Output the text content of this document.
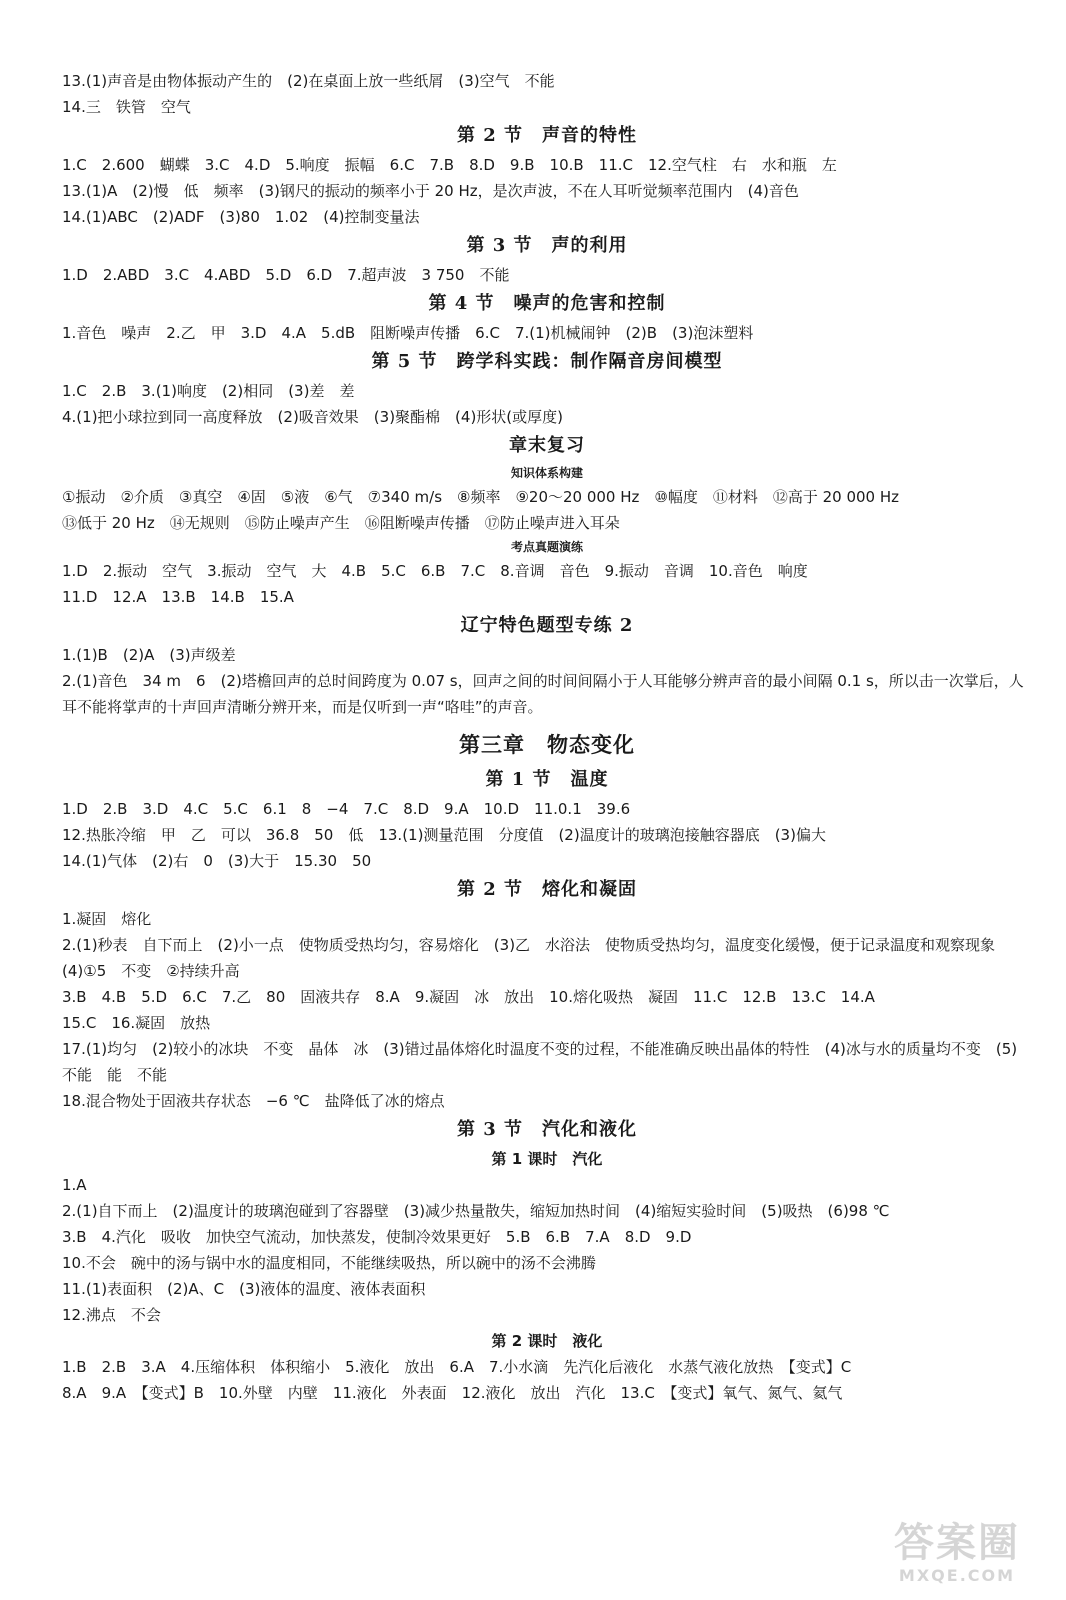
13.(1)声音是由物体振动产生的　(2)在桌面上放一些纸屑　(3)空气　不能
14.三　铁管　空气
第 2 节　声音的特性
1.C　2.600　蝴蝶　3.C　4.D　5.响度　振幅　6.C　7.B　8.D　9.B　10.B　11.C　12.空气柱　右　水和瓶　左
13.(1)A　(2)慢　低　频率　(3)钢尺的振动的频率小于 20 Hz，是次声波，不在人耳听觉频率范围内　(4)音色
14.(1)ABC　(2)ADF　(3)80　1.02　(4)控制变量法
第 3 节　声的利用
1.D　2.ABD　3.C　4.ABD　5.D　6.D　7.超声波　3 750　不能
第 4 节　噪声的危害和控制
1.音色　噪声　2.乙　甲　3.D　4.A　5.dB　阻断噪声传播　6.C　7.(1)机械闹钟　(2)B　(3)泡沫塑料
第 5 节　跨学科实践：制作隔音房间模型
1.C　2.B　3.(1)响度　(2)相同　(3)差　差
4.(1)把小球拉到同一高度释放　(2)吸音效果　(3)聚酯棉　(4)形状(或厚度)
章末复习
知识体系构建
①振动　②介质　③真空　④固　⑤液　⑥气　⑦340 m/s　⑧频率　⑨20～20 000 Hz　⑩幅度　⑪材料　⑫高于 20 000 Hz
⑬低于 20 Hz　⑭无规则　⑮防止噪声产生　⑯阻断噪声传播　⑰防止噪声进入耳朵
考点真题演练
1.D　2.振动　空气　3.振动　空气　大　4.B　5.C　6.B　7.C　8.音调　音色　9.振动　音调　10.音色　响度
11.D　12.A　13.B　14.B　15.A
辽宁特色题型专练 2
1.(1)B　(2)A　(3)声级差
2.(1)音色　34 m　6　(2)塔檐回声的总时间跨度为 0.07 s，回声之间的时间间隔小于人耳能够分辨声音的最小间隔 0.1 s，所以击一次掌后，人耳不能将掌声的十声回声清晰分辨开来，而是仅听到一声“咯哇”的声音。
第三章　物态变化
第 1 节　温度
1.D　2.B　3.D　4.C　5.C　6.1　8　−4　7.C　8.D　9.A　10.D　11.0.1　39.6
12.热胀冷缩　甲　乙　可以　36.8　50　低　13.(1)测量范围　分度值　(2)温度计的玻璃泡接触容器底　(3)偏大
14.(1)气体　(2)右　0　(3)大于　15.30　50
第 2 节　熔化和凝固
1.凝固　熔化
2.(1)秒表　自下而上　(2)小一点　使物质受热均匀，容易熔化　(3)乙　水浴法　使物质受热均匀，温度变化缓慢，便于记录温度和观察现象　(4)①5　不变　②持续升高
3.B　4.B　5.D　6.C　7.乙　80　固液共存　8.A　9.凝固　冰　放出　10.熔化吸热　凝固　11.C　12.B　13.C　14.A
15.C　16.凝固　放热
17.(1)均匀　(2)较小的冰块　不变　晶体　冰　(3)错过晶体熔化时温度不变的过程，不能准确反映出晶体的特性　(4)冰与水的质量均不变　(5)不能　能　不能
18.混合物处于固液共存状态　−6 ℃　盐降低了冰的熔点
第 3 节　汽化和液化
第 1 课时　汽化
1.A
2.(1)自下而上　(2)温度计的玻璃泡碰到了容器壁　(3)减少热量散失，缩短加热时间　(4)缩短实验时间　(5)吸热　(6)98 ℃
3.B　4.汽化　吸收　加快空气流动，加快蒸发，使制冷效果更好　5.B　6.B　7.A　8.D　9.D
10.不会　碗中的汤与锅中水的温度相同，不能继续吸热，所以碗中的汤不会沸腾
11.(1)表面积　(2)A、C　(3)液体的温度、液体表面积
12.沸点　不会
第 2 课时　液化
1.B　2.B　3.A　4.压缩体积　体积缩小　5.液化　放出　6.A　7.小水滴　先汽化后液化　水蒸气液化放热　【变式】C
8.A　9.A　【变式】B　10.外壁　内壁　11.液化　外表面　12.液化　放出　汽化　13.C　【变式】氧气、氮气、氦气
答案圈
MXQE.COM
